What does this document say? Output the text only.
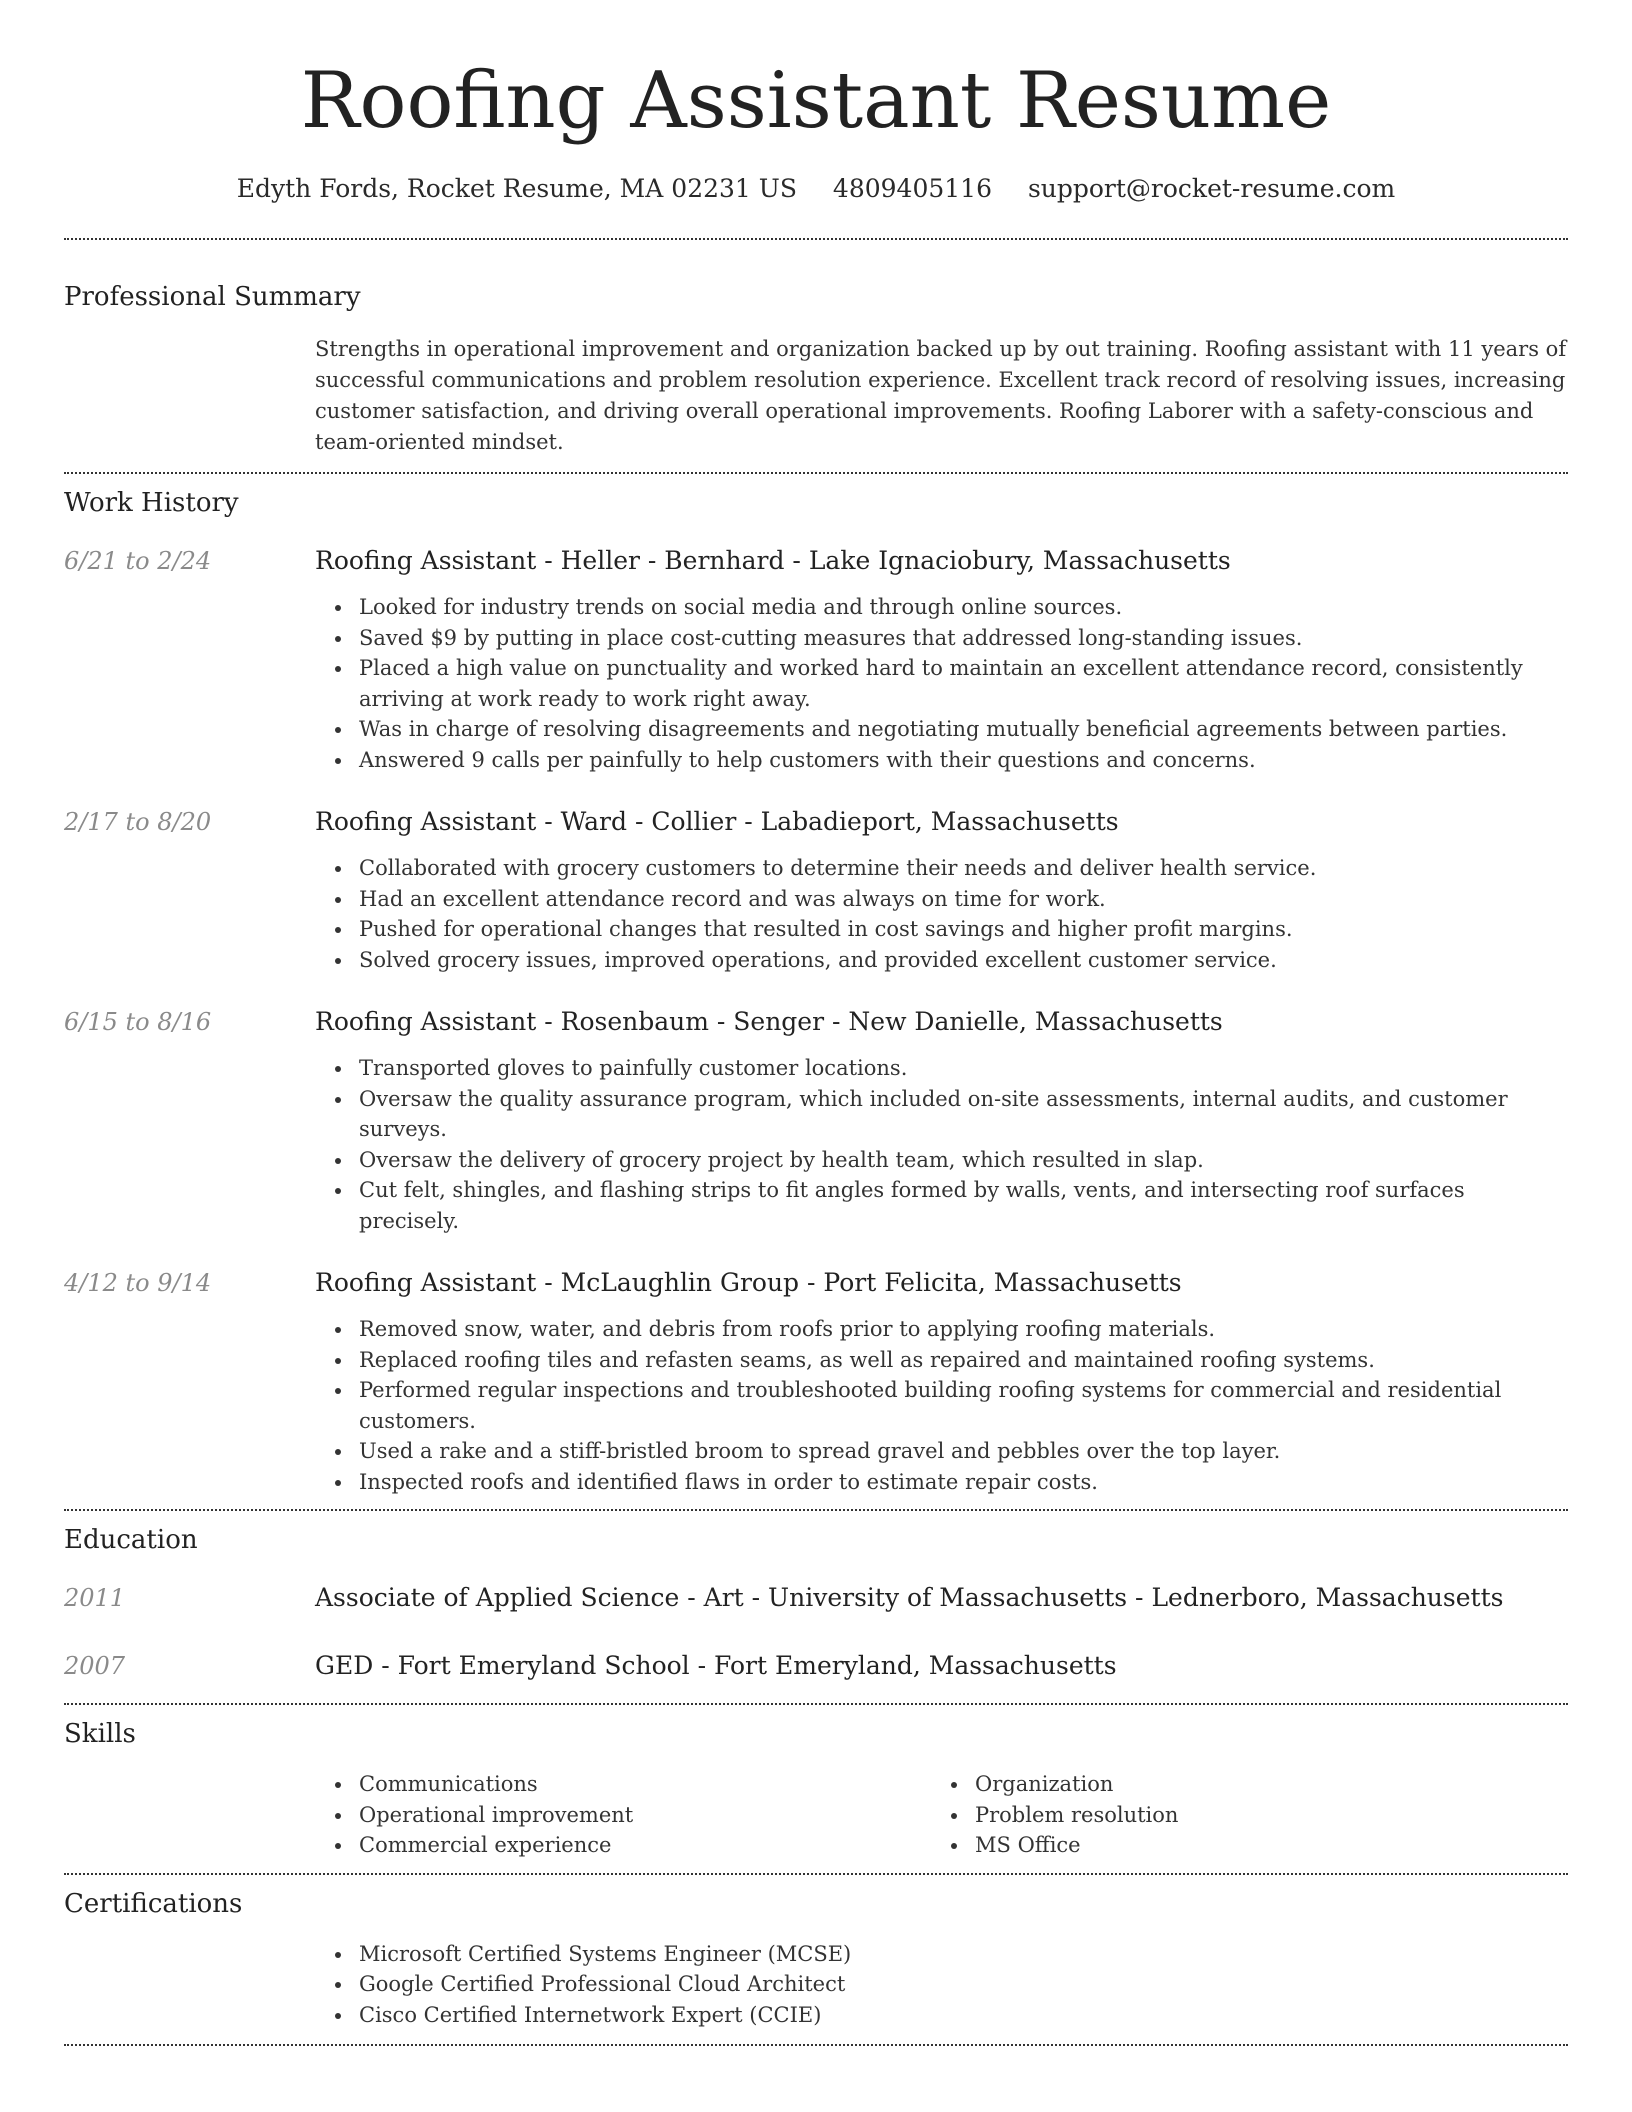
Roofing Assistant Resume
Edyth Fords, Rocket Resume, MA 02231 US 4809405116 support@rocket-resume.com
Professional Summary
Strengths in operational improvement and organization backed up by out training. Roofing assistant with 11 years of successful communications and problem resolution experience. Excellent track record of resolving issues, increasing customer satisfaction, and driving overall operational improvements. Roofing Laborer with a safety-conscious and team-oriented mindset.
Work History
6/21 to 2/24	Roofing Assistant - Heller - Bernhard - Lake Ignaciobury, Massachusetts
Looked for industry trends on social media and through online sources.
Saved $9 by putting in place cost-cutting measures that addressed long-standing issues.
Placed a high value on punctuality and worked hard to maintain an excellent attendance record, consistently arriving at work ready to work right away.
Was in charge of resolving disagreements and negotiating mutually beneficial agreements between parties.
Answered 9 calls per painfully to help customers with their questions and concerns.
2/17 to 8/20	Roofing Assistant - Ward - Collier - Labadieport, Massachusetts
Collaborated with grocery customers to determine their needs and deliver health service.
Had an excellent attendance record and was always on time for work.
Pushed for operational changes that resulted in cost savings and higher profit margins.
Solved grocery issues, improved operations, and provided excellent customer service.
6/15 to 8/16	Roofing Assistant - Rosenbaum - Senger - New Danielle, Massachusetts
Transported gloves to painfully customer locations.
Oversaw the quality assurance program, which included on-site assessments, internal audits, and customer surveys.
Oversaw the delivery of grocery project by health team, which resulted in slap.
Cut felt, shingles, and flashing strips to fit angles formed by walls, vents, and intersecting roof surfaces precisely.
4/12 to 9/14	Roofing Assistant - McLaughlin Group - Port Felicita, Massachusetts
Removed snow, water, and debris from roofs prior to applying roofing materials.
Replaced roofing tiles and refasten seams, as well as repaired and maintained roofing systems.
Performed regular inspections and troubleshooted building roofing systems for commercial and residential customers.
Used a rake and a stiff-bristled broom to spread gravel and pebbles over the top layer.
Inspected roofs and identified flaws in order to estimate repair costs.
Education
2011	Associate of Applied Science - Art - University of Massachusetts - Lednerboro, Massachusetts
2007	GED - Fort Emeryland School - Fort Emeryland, Massachusetts
Skills
Communications
Operational improvement
Commercial experience
Organization
Problem resolution
MS Office
Certifications
Microsoft Certified Systems Engineer (MCSE)
Google Certified Professional Cloud Architect
Cisco Certified Internetwork Expert (CCIE)
